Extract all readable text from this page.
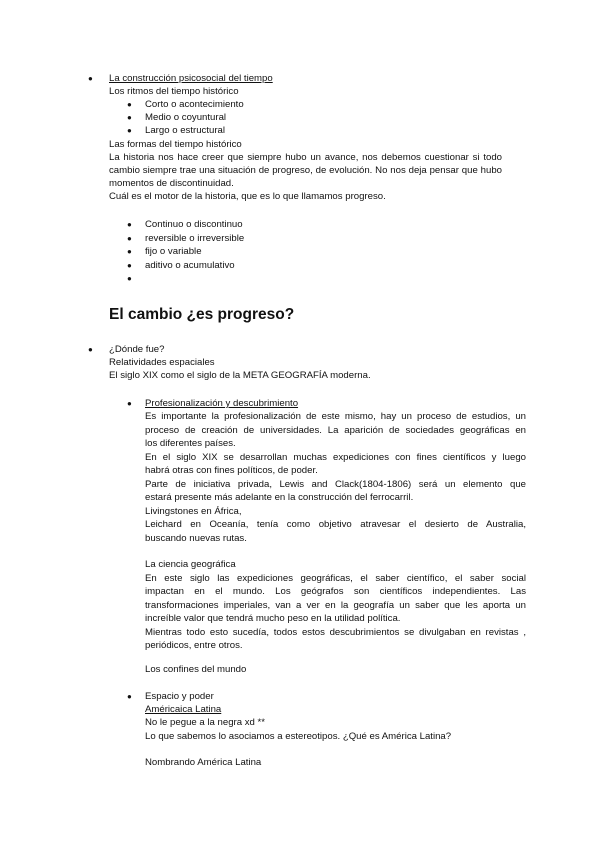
● La construcción psicosocial del tiempo
Los ritmos del tiempo histórico
● Corto o acontecimiento
● Medio o coyuntural
● Largo o estructural
Las formas del tiempo histórico
La historia nos hace creer que siempre hubo un avance, nos debemos cuestionar si todo
cambio siempre trae una situación de progreso, de evolución. No nos deja pensar que hubo
momentos de discontinuidad.
Cuál es el motor de la historia, que es lo que llamamos progreso.
● Continuo o discontinuo
● reversible o irreversible
● fijo o variable
● aditivo o acumulativo
●
El cambio ¿es progreso?
● ¿Dónde fue?
Relatividades espaciales
El siglo XIX como el siglo de la META GEOGRAFÍA moderna.
● Profesionalización y descubrimiento
Es importante la profesionalización de este mismo, hay un proceso de estudios, un
proceso de creación de universidades. La aparición de sociedades geográficas en
los diferentes países.
En el siglo XIX se desarrollan muchas expediciones con fines científicos y luego
habrá otras con fines políticos, de poder.
Parte de iniciativa privada, Lewis and Clack(1804-1806) será un elemento que
estará presente más adelante en la construcción del ferrocarril.
Livingstones en África,
Leichard en Oceanía, tenía como objetivo atravesar el desierto de Australia,
buscando nuevas rutas.
La ciencia geográfica
En este siglo las expediciones geográficas, el saber científico, el saber social
impactan en el mundo. Los geógrafos son científicos independientes. Las
transformaciones imperiales, van a ver en la geografía un saber que les aporta un
increíble valor que tendrá mucho peso en la utilidad política.
Mientras todo esto sucedía, todos estos descubrimientos se divulgaban en revistas ,
periódicos, entre otros.
Los confines del mundo
● Espacio y poder
Américaica Latina
No le pegue a la negra xd **
Lo que sabemos lo asociamos a estereotipos. ¿Qué es América Latina?
Nombrando América Latina
